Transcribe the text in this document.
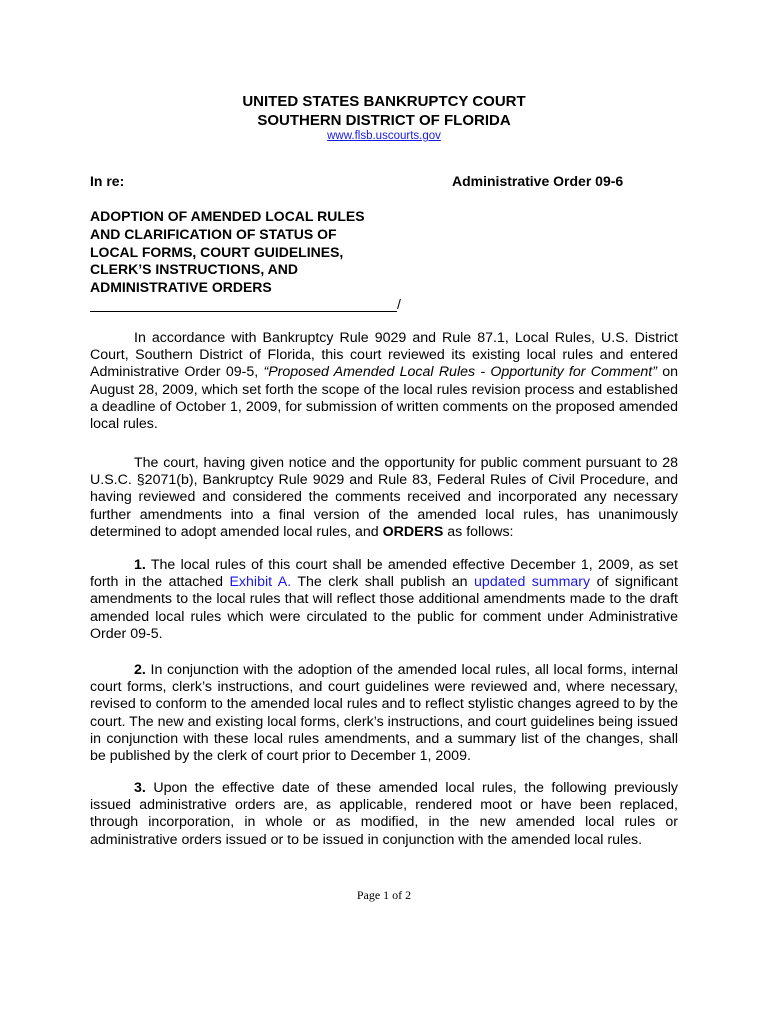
UNITED STATES BANKRUPTCY COURT
SOUTHERN DISTRICT OF FLORIDA
www.flsb.uscourts.gov
In re:	Administrative Order 09-6
ADOPTION OF AMENDED LOCAL RULES
AND CLARIFICATION OF STATUS OF
LOCAL FORMS, COURT GUIDELINES,
CLERK’S INSTRUCTIONS, AND
ADMINISTRATIVE ORDERS
/
In accordance with Bankruptcy Rule 9029 and Rule 87.1, Local Rules, U.S. District Court, Southern District of Florida, this court reviewed its existing local rules and entered Administrative Order 09-5, “Proposed Amended Local Rules - Opportunity for Comment” on August 28, 2009, which set forth the scope of the local rules revision process and established a deadline of October 1, 2009, for submission of written comments on the proposed amended local rules.
The court, having given notice and the opportunity for public comment pursuant to 28 U.S.C. §2071(b), Bankruptcy Rule 9029 and Rule 83, Federal Rules of Civil Procedure, and having reviewed and considered the comments received and incorporated any necessary further amendments into a final version of the amended local rules, has unanimously determined to adopt amended local rules, and ORDERS as follows:
1. The local rules of this court shall be amended effective December 1, 2009, as set forth in the attached Exhibit A. The clerk shall publish an updated summary of significant amendments to the local rules that will reflect those additional amendments made to the draft amended local rules which were circulated to the public for comment under Administrative Order 09-5.
2. In conjunction with the adoption of the amended local rules, all local forms, internal court forms, clerk’s instructions, and court guidelines were reviewed and, where necessary, revised to conform to the amended local rules and to reflect stylistic changes agreed to by the court. The new and existing local forms, clerk’s instructions, and court guidelines being issued in conjunction with these local rules amendments, and a summary list of the changes, shall be published by the clerk of court prior to December 1, 2009.
3. Upon the effective date of these amended local rules, the following previously issued administrative orders are, as applicable, rendered moot or have been replaced, through incorporation, in whole or as modified, in the new amended local rules or administrative orders issued or to be issued in conjunction with the amended local rules.
Page 1 of 2
